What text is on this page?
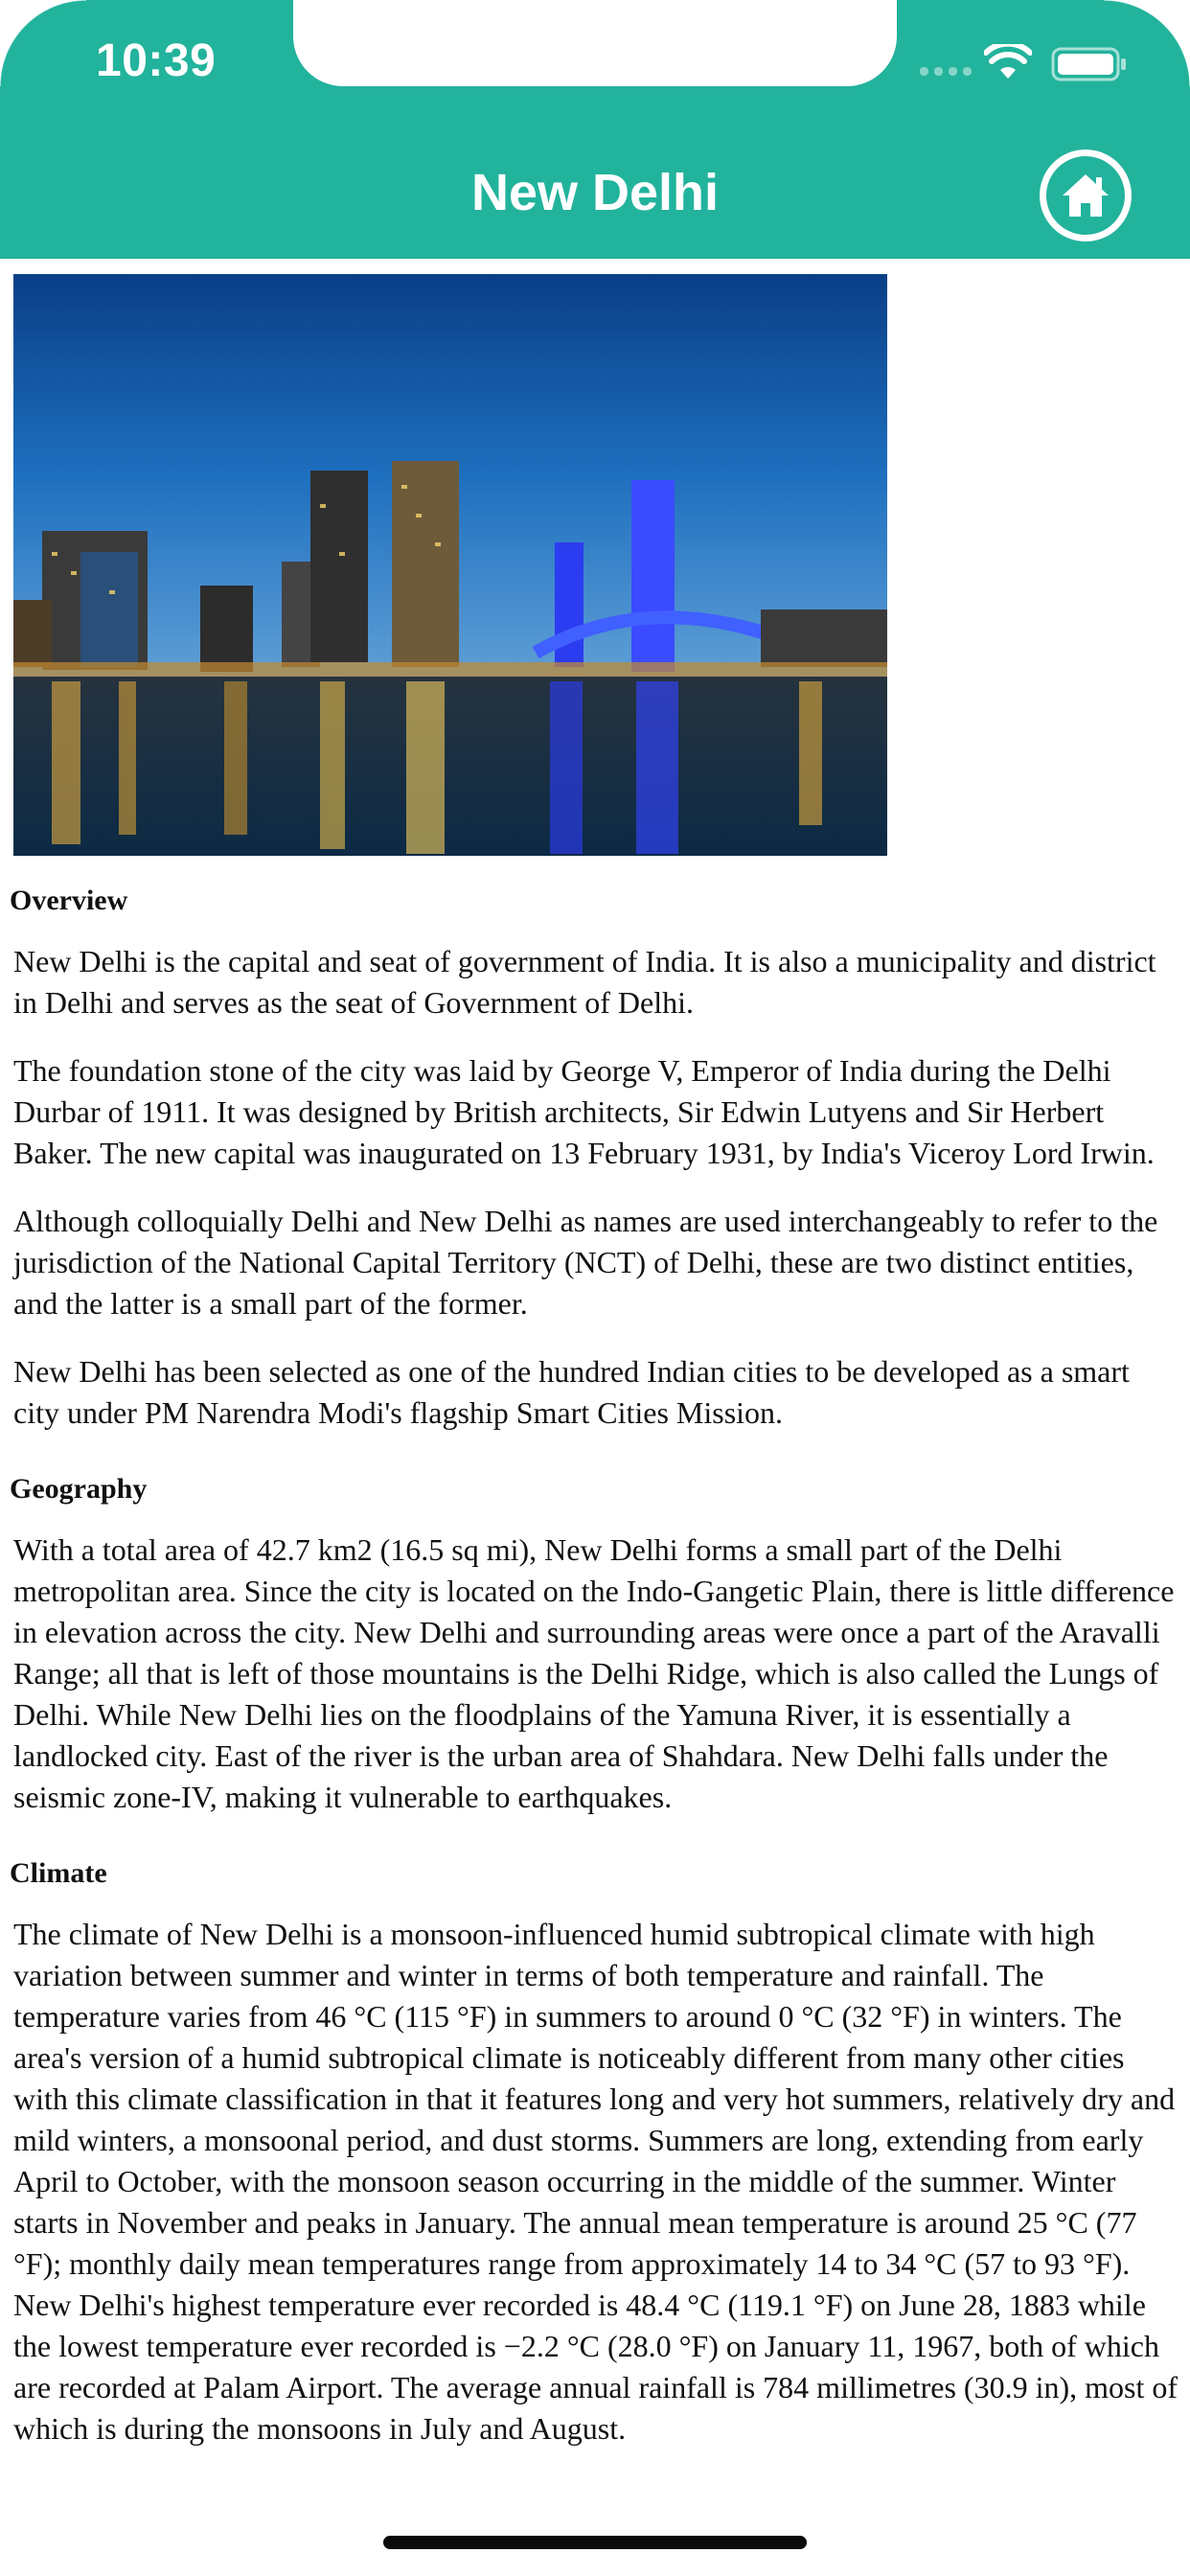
10:39
New Delhi
Overview

New Delhi is the capital and seat of government of India. It is also a municipality and district in Delhi and serves as the seat of Government of Delhi.

The foundation stone of the city was laid by George V, Emperor of India during the Delhi Durbar of 1911. It was designed by British architects, Sir Edwin Lutyens and Sir Herbert Baker. The new capital was inaugurated on 13 February 1931, by India's Viceroy Lord Irwin.

Although colloquially Delhi and New Delhi as names are used interchangeably to refer to the jurisdiction of the National Capital Territory (NCT) of Delhi, these are two distinct entities, and the latter is a small part of the former.

New Delhi has been selected as one of the hundred Indian cities to be developed as a smart city under PM Narendra Modi's flagship Smart Cities Mission.

Geography

With a total area of 42.7 km2 (16.5 sq mi), New Delhi forms a small part of the Delhi metropolitan area. Since the city is located on the Indo-Gangetic Plain, there is little difference in elevation across the city. New Delhi and surrounding areas were once a part of the Aravalli Range; all that is left of those mountains is the Delhi Ridge, which is also called the Lungs of Delhi. While New Delhi lies on the floodplains of the Yamuna River, it is essentially a landlocked city. East of the river is the urban area of Shahdara. New Delhi falls under the seismic zone-IV, making it vulnerable to earthquakes.

Climate

The climate of New Delhi is a monsoon-influenced humid subtropical climate with high variation between summer and winter in terms of both temperature and rainfall. The temperature varies from 46 °C (115 °F) in summers to around 0 °C (32 °F) in winters. The area's version of a humid subtropical climate is noticeably different from many other cities with this climate classification in that it features long and very hot summers, relatively dry and mild winters, a monsoonal period, and dust storms. Summers are long, extending from early April to October, with the monsoon season occurring in the middle of the summer. Winter starts in November and peaks in January. The annual mean temperature is around 25 °C (77 °F); monthly daily mean temperatures range from approximately 14 to 34 °C (57 to 93 °F). New Delhi's highest temperature ever recorded is 48.4 °C (119.1 °F) on June 28, 1883 while the lowest temperature ever recorded is −2.2 °C (28.0 °F) on January 11, 1967, both of which are recorded at Palam Airport. The average annual rainfall is 784 millimetres (30.9 in), most of which is during the monsoons in July and August.
